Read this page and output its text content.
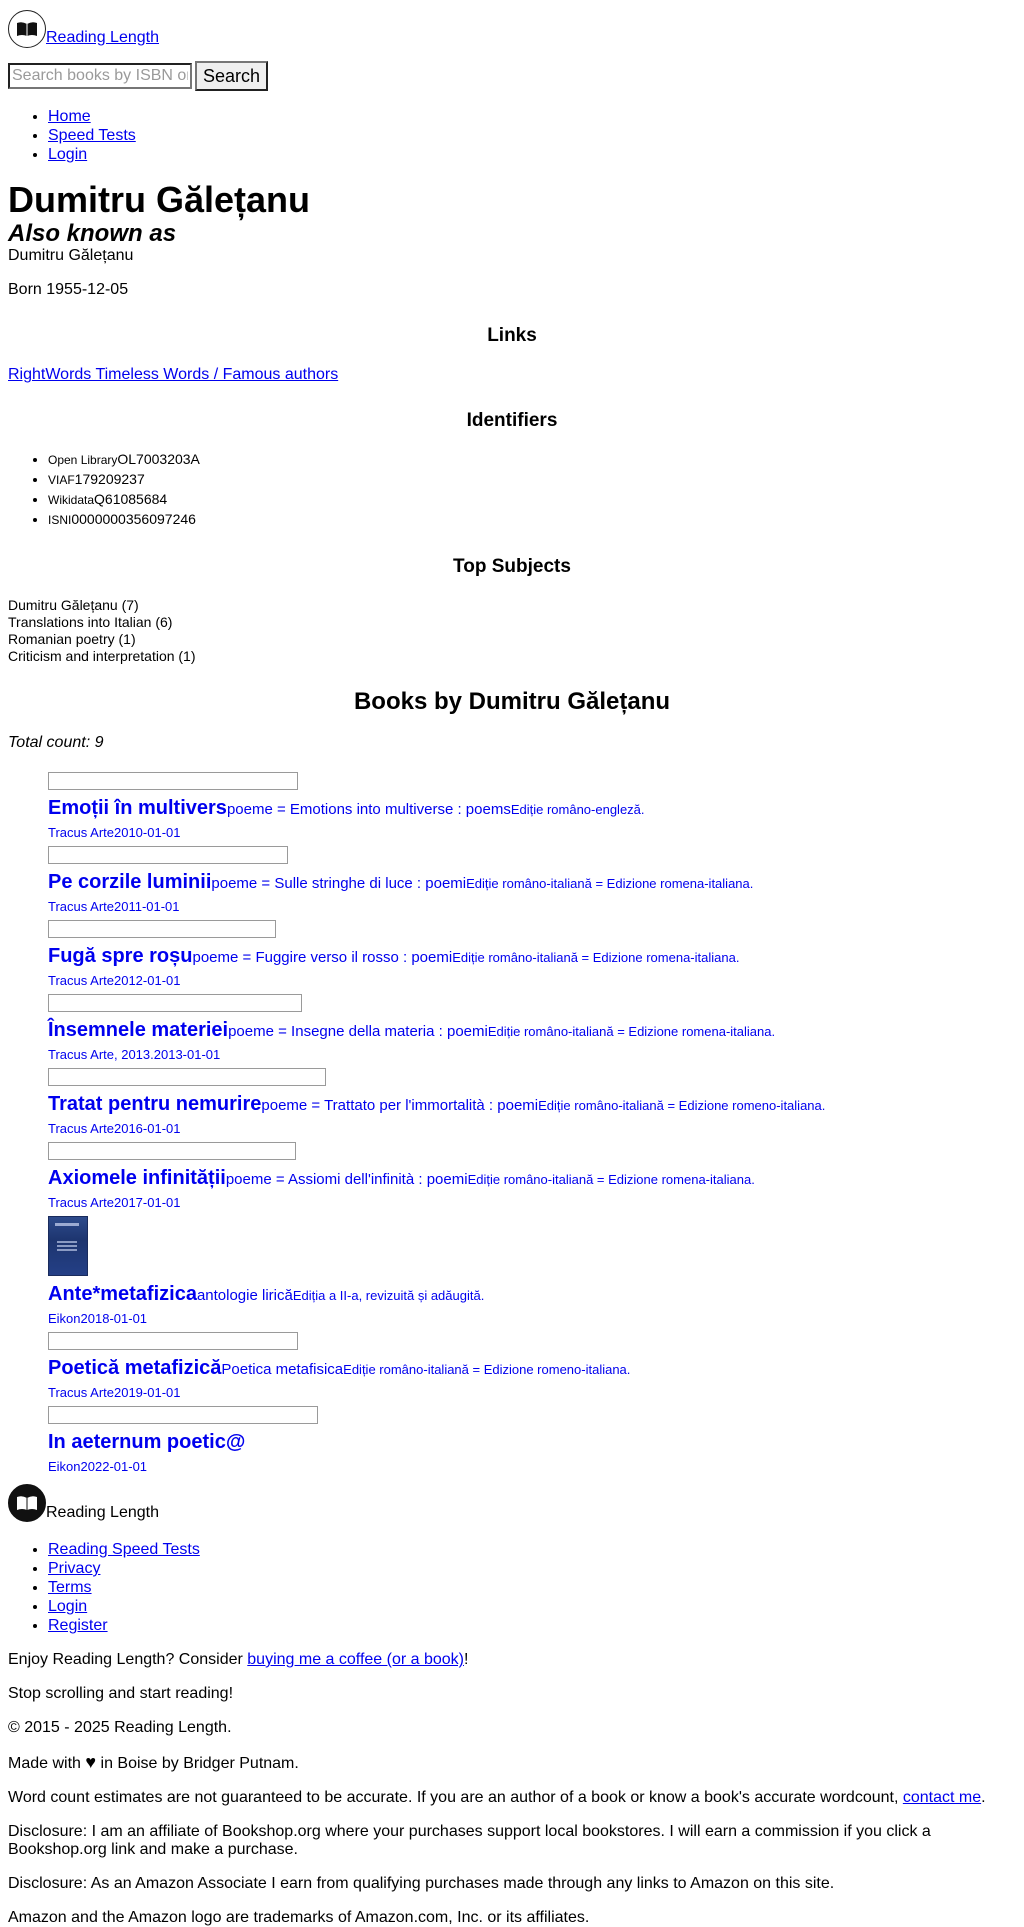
Reading Length
Search books by ISBN or
Search
• Home
• Speed Tests
• Login
Dumitru Gălețanu
Also known as
Dumitru Gălețanu
Born 1955-12-05
Links
RightWords Timeless Words / Famous authors
Identifiers
• Open LibraryOL7003203A
• VIAF179209237
• WikidataQ61085684
• ISNI0000000356097246
Top Subjects
Dumitru Gălețanu (7)
Translations into Italian (6)
Romanian poetry (1)
Criticism and interpretation (1)
Books by Dumitru Gălețanu
Total count: 9
Emoții în multiverspoeme = Emotions into multiverse : poemsEdiție româno-engleză.
Tracus Arte2010-01-01
Pe corzile luminiipoeme = Sulle stringhe di luce : poemiEdiție româno-italiană = Edizione romena-italiana.
Tracus Arte2011-01-01
Fugă spre roșupoeme = Fuggire verso il rosso : poemiEdiție româno-italiană = Edizione romena-italiana.
Tracus Arte2012-01-01
Însemnele materieipoeme = Insegne della materia : poemiEdiție româno-italiană = Edizione romena-italiana.
Tracus Arte, 2013.2013-01-01
Tratat pentru nemurirepoeme = Trattato per l'immortalità : poemiEdiție româno-italiană = Edizione romeno-italiana.
Tracus Arte2016-01-01
Axiomele infinitățiipoeme = Assiomi dell'infinità : poemiEdiție româno-italiană = Edizione romena-italiana.
Tracus Arte2017-01-01
Ante*metafizicaantologie liricăEdiția a II-a, revizuită și adăugită.
Eikon2018-01-01
Poetică metafizicăPoetica metafisicaEdiție româno-italiană = Edizione romeno-italiana.
Tracus Arte2019-01-01
In aeternum poetic@
Eikon2022-01-01
Reading Length
• Reading Speed Tests
• Privacy
• Terms
• Login
• Register
Enjoy Reading Length? Consider buying me a coffee (or a book)!
Stop scrolling and start reading!
© 2015 - 2025 Reading Length.
Made with ♥ in Boise by Bridger Putnam.
Word count estimates are not guaranteed to be accurate. If you are an author of a book or know a book's accurate wordcount, contact me.
Disclosure: I am an affiliate of Bookshop.org where your purchases support local bookstores. I will earn a commission if you click a Bookshop.org link and make a purchase.
Disclosure: As an Amazon Associate I earn from qualifying purchases made through any links to Amazon on this site.
Amazon and the Amazon logo are trademarks of Amazon.com, Inc. or its affiliates.
